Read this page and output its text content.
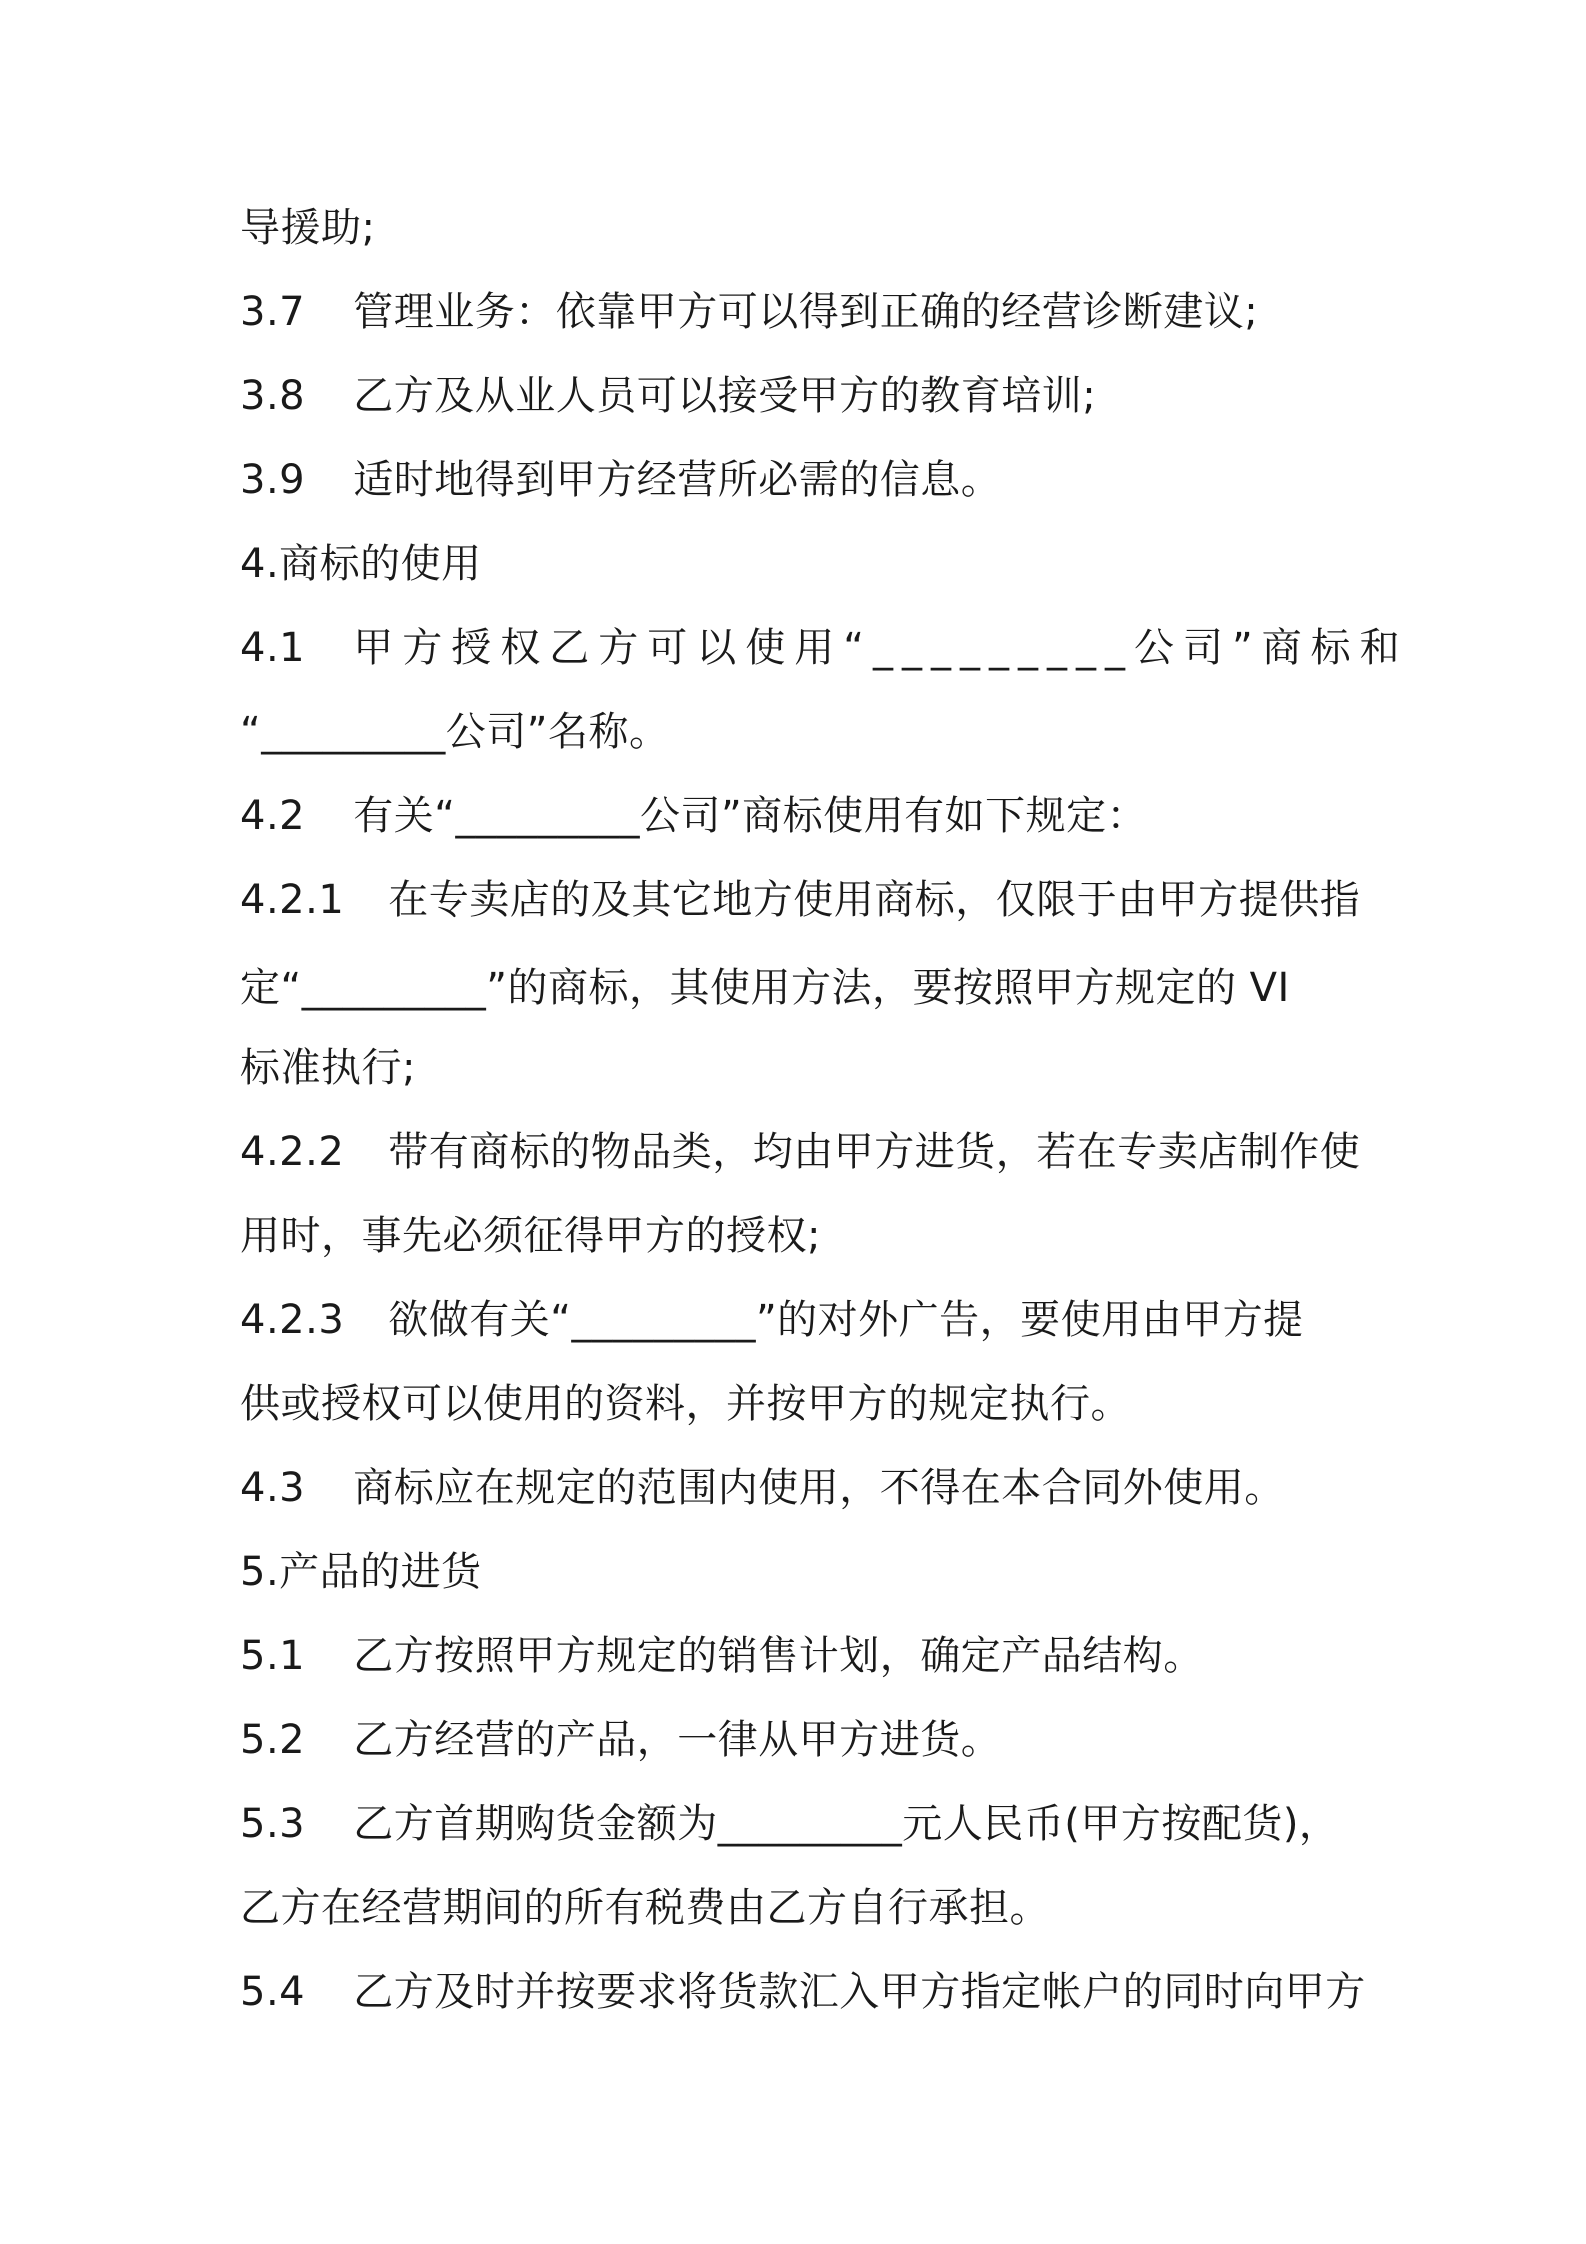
导援助;
3.7 管理业务：依靠甲方可以得到正确的经营诊断建议;
3.8 乙方及从业人员可以接受甲方的教育培训;
3.9 适时地得到甲方经营所必需的信息。
4.商标的使用
4.1 甲方授权乙方可以使用“_________公司”商标和
“_________公司”名称。
4.2 有关“_________公司”商标使用有如下规定：
4.2.1 在专卖店的及其它地方使用商标，仅限于由甲方提供指
定“_________”的商标，其使用方法，要按照甲方规定的 VI
标准执行;
4.2.2 带有商标的物品类，均由甲方进货，若在专卖店制作使
用时，事先必须征得甲方的授权;
4.2.3 欲做有关“_________”的对外广告，要使用由甲方提
供或授权可以使用的资料，并按甲方的规定执行。
4.3 商标应在规定的范围内使用，不得在本合同外使用。
5.产品的进货
5.1 乙方按照甲方规定的销售计划，确定产品结构。
5.2 乙方经营的产品，一律从甲方进货。
5.3 乙方首期购货金额为_________元人民币(甲方按配货)，
乙方在经营期间的所有税费由乙方自行承担。
5.4 乙方及时并按要求将货款汇入甲方指定帐户的同时向甲方
